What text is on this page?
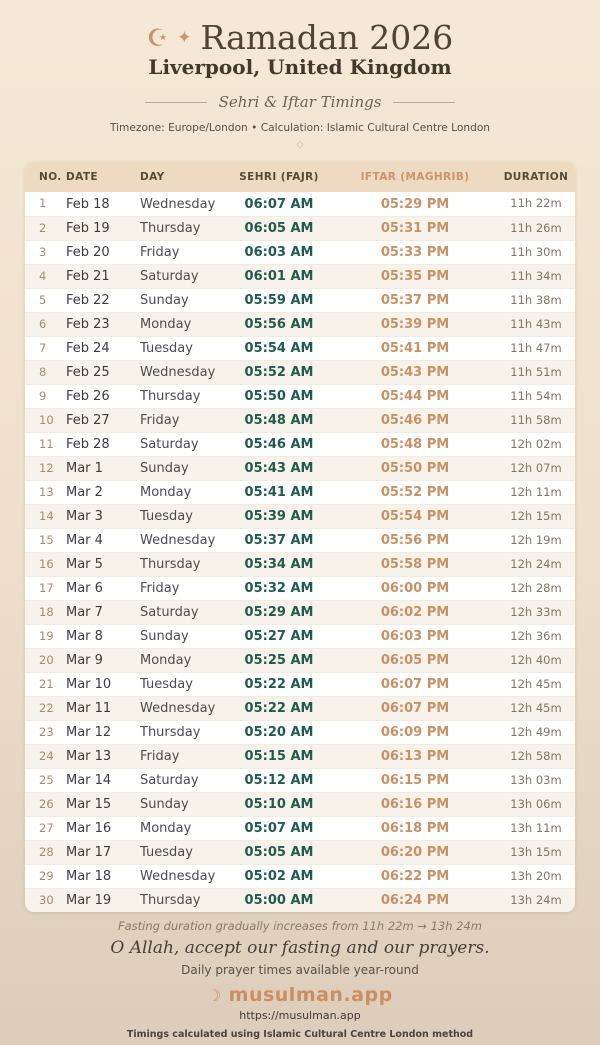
☪ ✦ Ramadan 2026
Liverpool, United Kingdom
Sehri & Iftar Timings
Timezone: Europe/London • Calculation: Islamic Cultural Centre London
◇
NO.	DATE	DAY	SEHRI (FAJR)	IFTAR (MAGHRIB)	DURATION
1	Feb 18	Wednesday	06:07 AM	05:29 PM	11h 22m
2	Feb 19	Thursday	06:05 AM	05:31 PM	11h 26m
3	Feb 20	Friday	06:03 AM	05:33 PM	11h 30m
4	Feb 21	Saturday	06:01 AM	05:35 PM	11h 34m
5	Feb 22	Sunday	05:59 AM	05:37 PM	11h 38m
6	Feb 23	Monday	05:56 AM	05:39 PM	11h 43m
7	Feb 24	Tuesday	05:54 AM	05:41 PM	11h 47m
8	Feb 25	Wednesday	05:52 AM	05:43 PM	11h 51m
9	Feb 26	Thursday	05:50 AM	05:44 PM	11h 54m
10	Feb 27	Friday	05:48 AM	05:46 PM	11h 58m
11	Feb 28	Saturday	05:46 AM	05:48 PM	12h 02m
12	Mar 1	Sunday	05:43 AM	05:50 PM	12h 07m
13	Mar 2	Monday	05:41 AM	05:52 PM	12h 11m
14	Mar 3	Tuesday	05:39 AM	05:54 PM	12h 15m
15	Mar 4	Wednesday	05:37 AM	05:56 PM	12h 19m
16	Mar 5	Thursday	05:34 AM	05:58 PM	12h 24m
17	Mar 6	Friday	05:32 AM	06:00 PM	12h 28m
18	Mar 7	Saturday	05:29 AM	06:02 PM	12h 33m
19	Mar 8	Sunday	05:27 AM	06:03 PM	12h 36m
20	Mar 9	Monday	05:25 AM	06:05 PM	12h 40m
21	Mar 10	Tuesday	05:22 AM	06:07 PM	12h 45m
22	Mar 11	Wednesday	05:22 AM	06:07 PM	12h 45m
23	Mar 12	Thursday	05:20 AM	06:09 PM	12h 49m
24	Mar 13	Friday	05:15 AM	06:13 PM	12h 58m
25	Mar 14	Saturday	05:12 AM	06:15 PM	13h 03m
26	Mar 15	Sunday	05:10 AM	06:16 PM	13h 06m
27	Mar 16	Monday	05:07 AM	06:18 PM	13h 11m
28	Mar 17	Tuesday	05:05 AM	06:20 PM	13h 15m
29	Mar 18	Wednesday	05:02 AM	06:22 PM	13h 20m
30	Mar 19	Thursday	05:00 AM	06:24 PM	13h 24m
Fasting duration gradually increases from 11h 22m → 13h 24m
O Allah, accept our fasting and our prayers.
Daily prayer times available year-round
☾ musulman.app
https://musulman.app
Timings calculated using Islamic Cultural Centre London method
